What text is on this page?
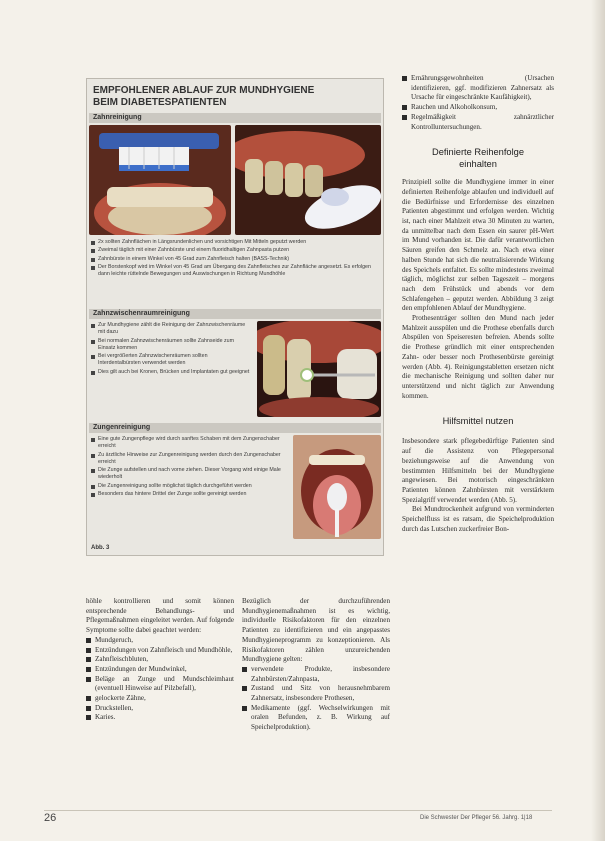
EMPFOHLENER ABLAUF ZUR MUNDHYGIENE
BEIM DIABETESPATIENTEN
Zahnreinigung
2x sollten Zahnflächen in Längsrundenlichen und vorsichtigen Mit Mitteln geputzt werden
Zweimal täglich mit einer Zahnbürste und einem fluoridhaltigen Zahnpasta putzen
Zahnbürste in einem Winkel von 45 Grad zum Zahnfleisch halten (BASS-Technik)
Der Borstenkopf wird im Winkel von 45 Grad am Übergang des Zahnfleisches zur Zahnfläche angesetzt. Es erfolgen dann leichte rüttelnde Bewegungen und Auswischungen in Richtung Mundhöhle
Zahnzwischenraumreinigung
Zur Mundhygiene zählt die Reinigung der Zahnzwischenräume mit dazu
Bei normalen Zahnzwischenräumen sollte Zahnseide zum Einsatz kommen
Bei vergrößerten Zahnzwischenräumen sollten Interdentalbürsten verwendet werden
Dies gilt auch bei Kronen, Brücken und Implantaten gut geeignet
Zungenreinigung
Eine gute Zungenpflege wird durch sanftes Schaben mit dem Zungenschaber erreicht
Zu ärztliche Hinweise zur Zungenreinigung werden durch den Zungenschaber erreicht
Die Zunge aufstellen und nach vorne ziehen. Dieser Vorgang wird einige Male wiederholt
Die Zungenreinigung sollte möglichst täglich durchgeführt werden
Besonders das hintere Drittel der Zunge sollte gereinigt werden
Abb. 3
Ernährungsgewohnheiten (Ursachen identifizieren, ggf. modifizieren Zahnersatz als Ursache für eingeschränkte Kaufähigkeit),
Rauchen und Alkoholkonsum,
Regelmäßigkeit zahnärztlicher Kontrolluntersuchungen.
Definierte Reihenfolge
einhalten

Prinzipiell sollte die Mundhygiene immer in einer definierten Reihenfolge ablaufen und individuell auf die Bedürfnisse und Erfordernisse des einzelnen Patienten abgestimmt und erfolgen werden. Wichtig ist, nach einer Mahlzeit etwa 30 Minuten zu warten, da unmittelbar nach dem Essen ein saurer pH-Wert im Mund vorhanden ist. Die dafür verantwortlichen Säuren greifen den Schmelz an. Nach etwa einer halben Stunde hat sich die neutralisierende Wirkung des Speichels entfaltet. Es sollte mindestens zweimal täglich, möglichst zur selben Tageszeit – morgens nach dem Frühstück und abends vor dem Schlafengehen – geputzt werden. Abbildung 3 zeigt den empfohlenen Ablauf der Mundhygiene.

Prothesenträger sollten den Mund nach jeder Mahlzeit ausspülen und die Prothese ebenfalls durch Abspülen von Speiseresten befreien. Abends sollte die Prothese gründlich mit einer entsprechenden Zahn- oder besser noch Prothesenbürste gereinigt werden (Abb. 4). Reinigungstabletten ersetzen nicht die mechanische Reinigung und sollten daher nur unterstützend und nicht täglich zur Anwendung kommen.

Hilfsmittel nutzen

Insbesondere stark pflegebedürftige Patienten sind auf die Assistenz von Pflegepersonal beziehungsweise auf die Anwendung von bestimmten Hilfsmitteln bei der Mundhygiene angewiesen. Bei motorisch eingeschränkten Patienten können Zahnbürsten mit verstärktem Spezialgriff verwendet werden (Abb. 5).

Bei Mundtrockenheit aufgrund von verminderten Speichelfluss ist es ratsam, die Speichelproduktion durch das Lutschen zuckerfreier Bon-

höhle kontrollieren und somit können entsprechende Behandlungs- und Pflegemaßnahmen eingeleitet werden. Auf folgende Symptome sollte dabei geachtet werden:

Mundgeruch,
Entzündungen von Zahnfleisch und Mundhöhle,
Zahnfleischbluten,
Entzündungen der Mundwinkel,
Beläge an Zunge und Mundschleimhaut (eventuell Hinweise auf Pilzbefall),
gelockerte Zähne,
Druckstellen,
Karies.

Bezüglich der durchzuführenden Mundhygienemaßnahmen ist es wichtig, individuelle Risikofaktoren für den einzelnen Patienten zu identifizieren und ein angepasstes Mundhygieneprogramm zu konzeptionieren. Als Risikofaktoren zählen unzureichenden Mundhygiene gelten:

verwendete Produkte, insbesondere Zahnbürsten/Zahnpasta,
Zustand und Sitz von herausnehmbarem Zahnersatz, insbesondere Prothesen,
Medikamente (ggf. Wechselwirkungen mit oralen Befunden, z. B. Wirkung auf Speichelproduktion).
26	Die Schwester Der Pfleger 56. Jahrg. 1|18
